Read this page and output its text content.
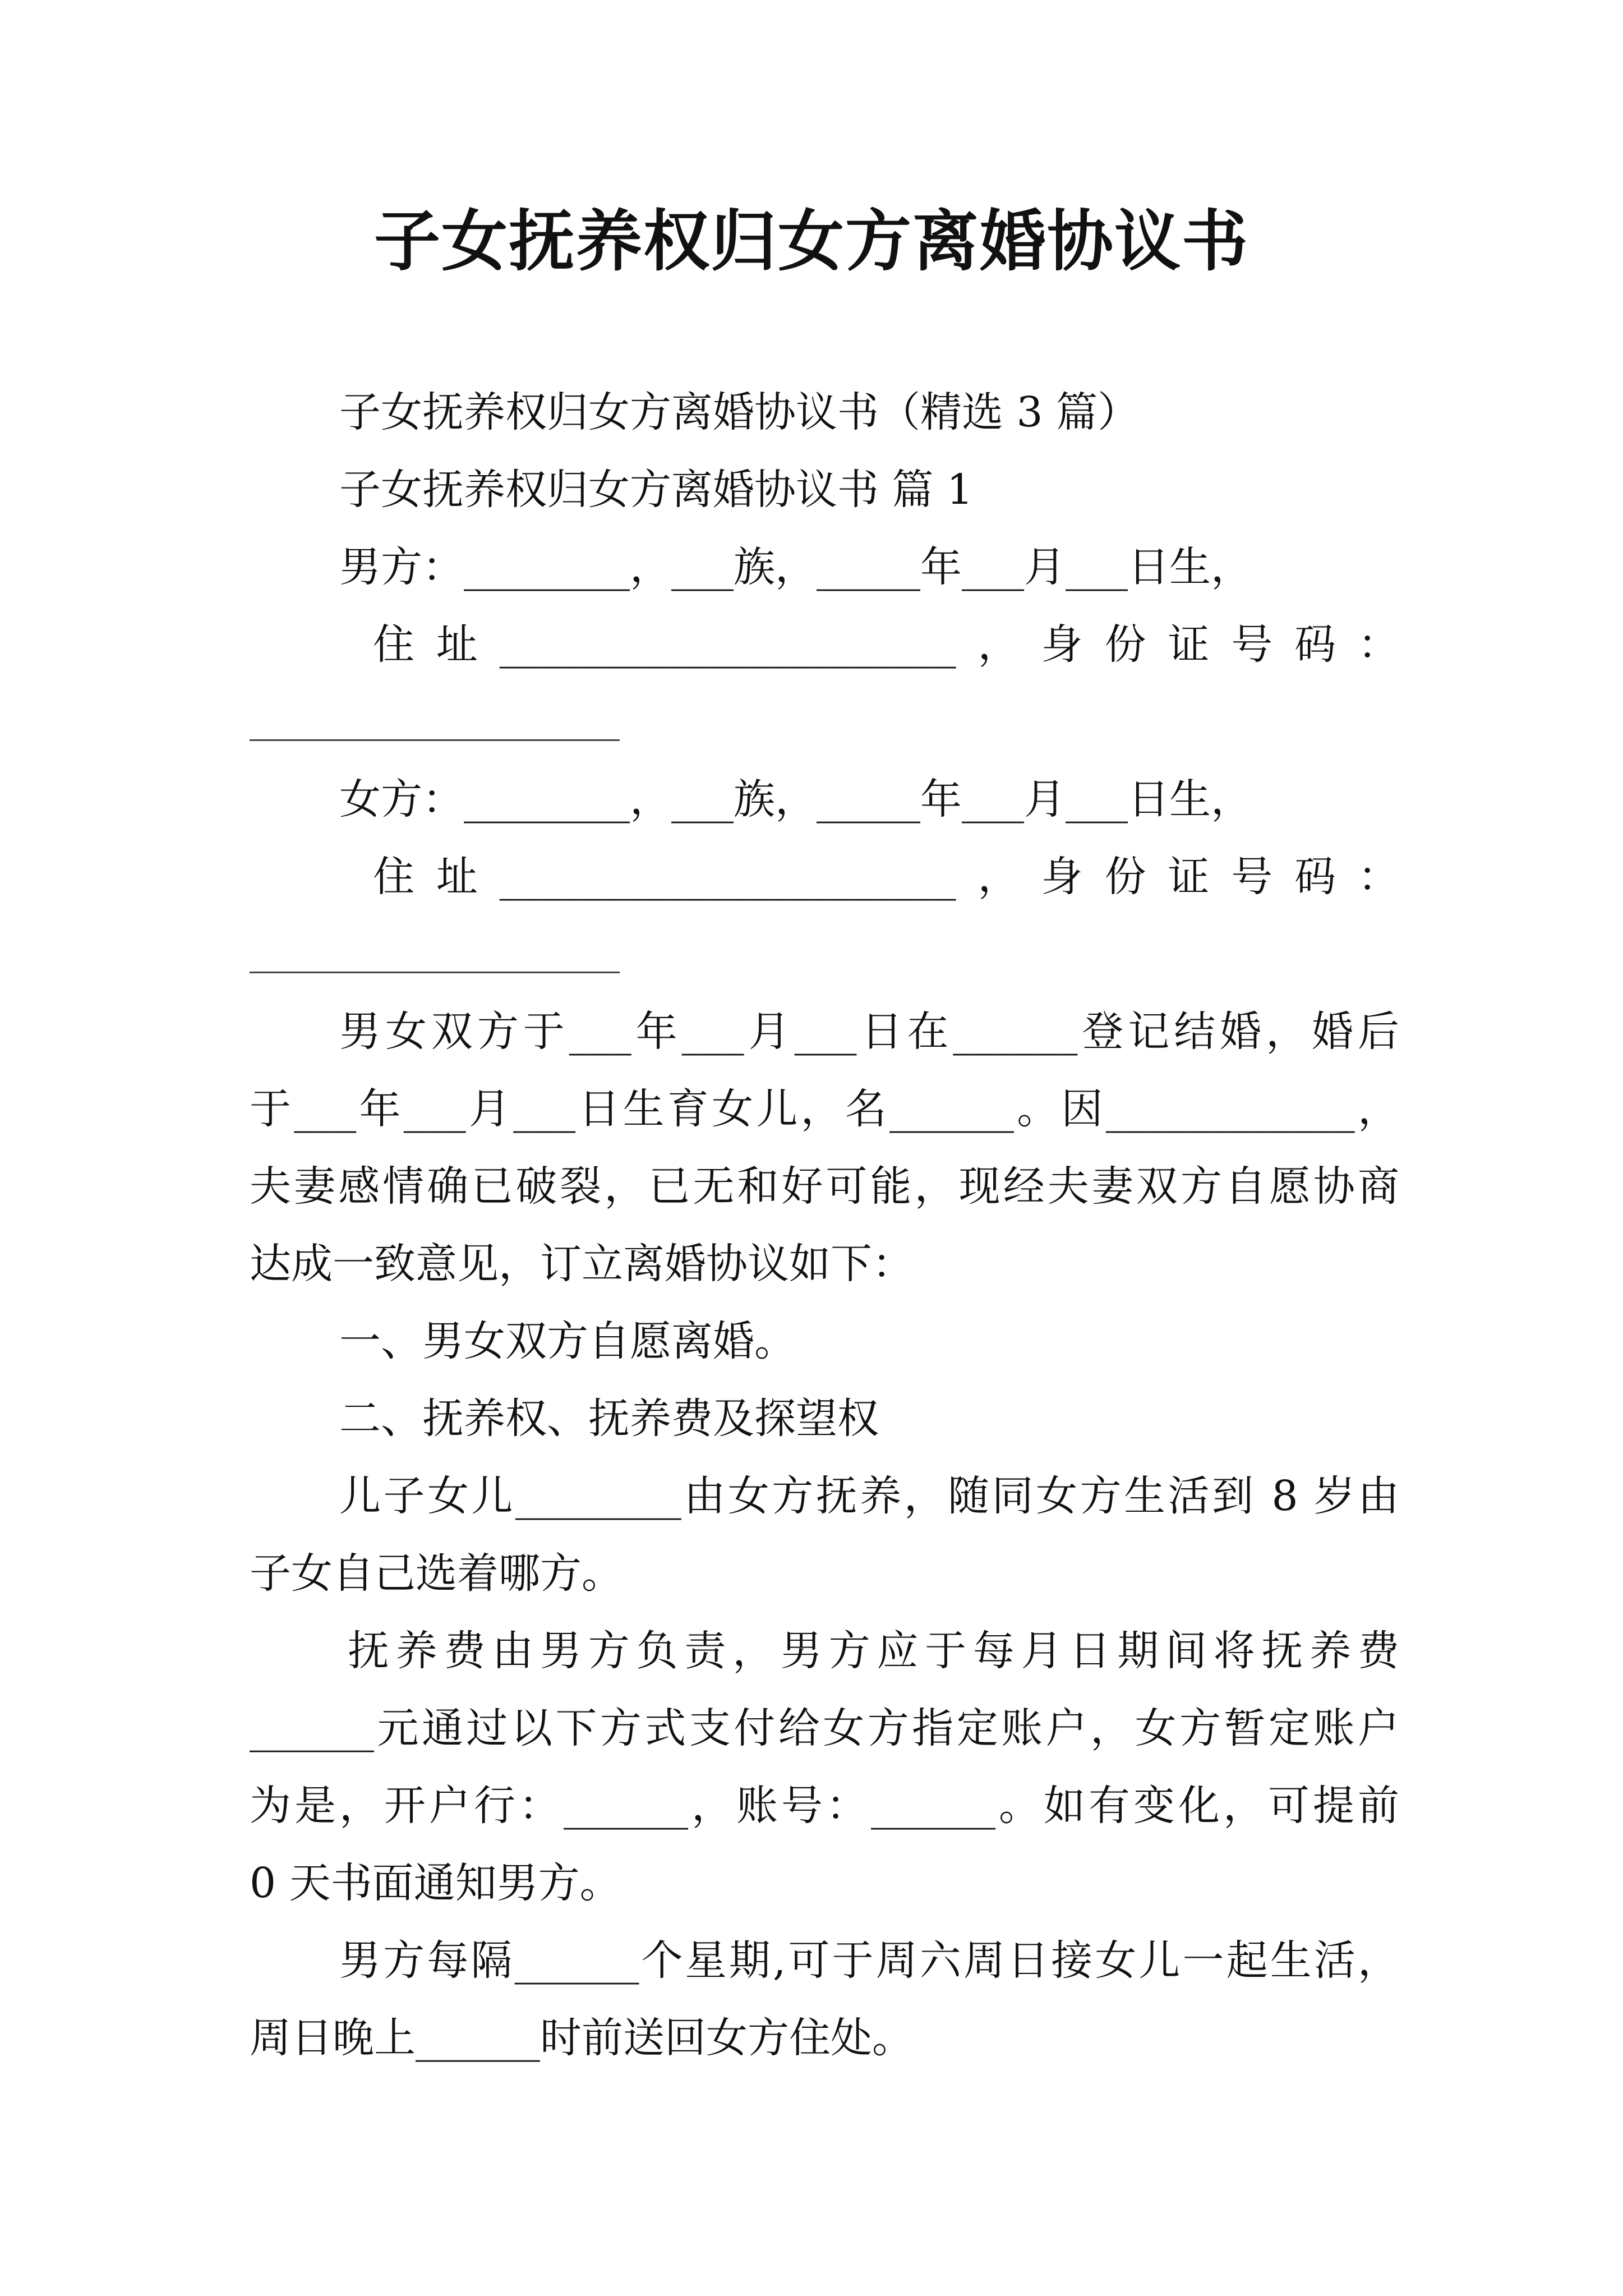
子女抚养权归女方离婚协议书
子女抚养权归女方离婚协议书（精选 3 篇）
子女抚养权归女方离婚协议书 篇 1
男方：________，___族，_____年___月___日生，
住址______________________，身份证号码：
女方：________，___族，_____年___月___日生，
住址______________________，身份证号码：
男女双方于___年___月___日在______登记结婚，婚后
于___年___月___日生育女儿，名______。因____________，
夫妻感情确已破裂，已无和好可能，现经夫妻双方自愿协商
达成一致意见，订立离婚协议如下：
一、男女双方自愿离婚。
二、抚养权、抚养费及探望权
儿子女儿________由女方抚养，随同女方生活到 8 岁由
子女自己选着哪方。
抚养费由男方负责，男方应于每月日期间将抚养费
______元通过以下方式支付给女方指定账户，女方暂定账户
为是，开户行：______，账号：______。如有变化，可提前
0 天书面通知男方。
男方每隔______个星期,可于周六周日接女儿一起生活，
周日晚上______时前送回女方住处。
